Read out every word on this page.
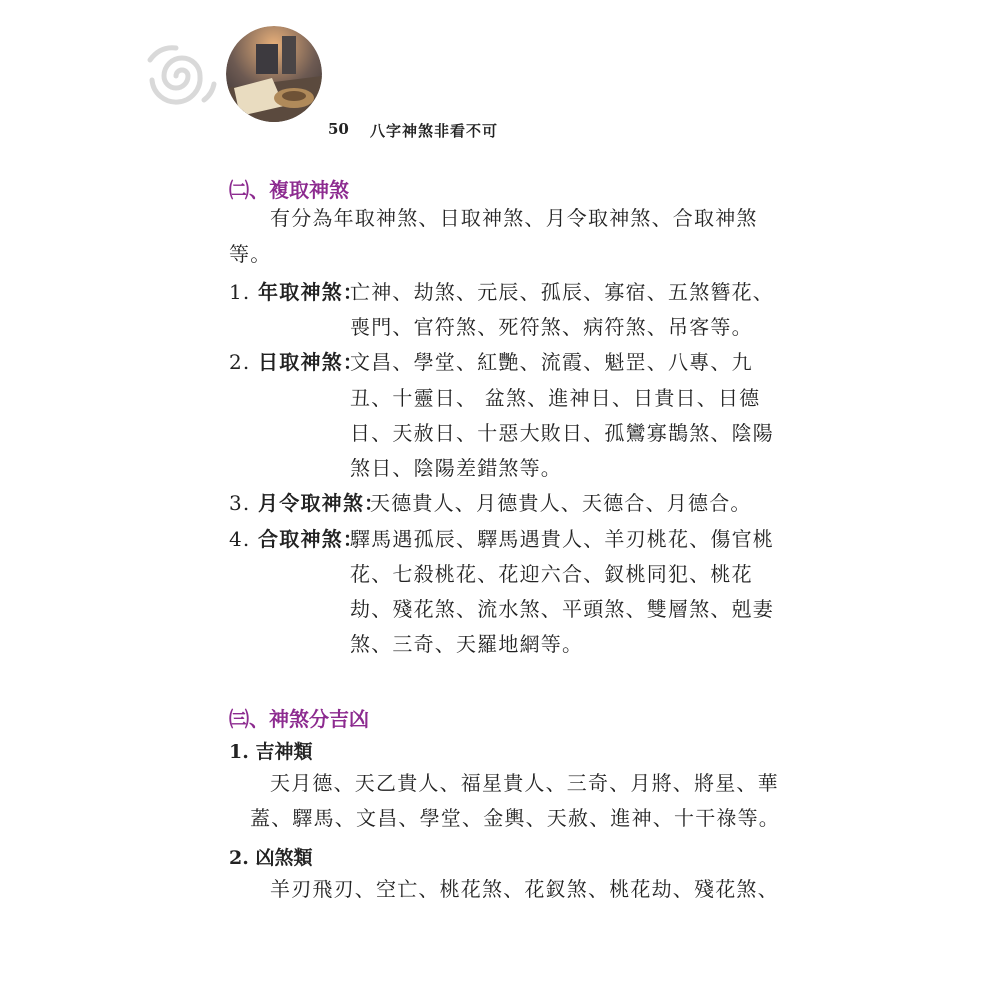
50 八字神煞非看不可
㈡、複取神煞
有分為年取神煞、日取神煞、月令取神煞、合取神煞
等。
1. 年取神煞：
亡神、劫煞、元辰、孤辰、寡宿、五煞簪花、
喪門、官符煞、死符煞、病符煞、吊客等。
2. 日取神煞：
文昌、學堂、紅艷、流霞、魁罡、八專、九
丑、十靈日、 盆煞、進神日、日貴日、日德
日、天赦日、十惡大敗日、孤鸞寡鵲煞、陰陽
煞日、陰陽差錯煞等。
3. 月令取神煞：
天德貴人、月德貴人、天德合、月德合。
4. 合取神煞：
驛馬遇孤辰、驛馬遇貴人、羊刃桃花、傷官桃
花、七殺桃花、花迎六合、釵桃同犯、桃花
劫、殘花煞、流水煞、平頭煞、雙層煞、剋妻
煞、三奇、天羅地網等。
㈢、神煞分吉凶
1. 吉神類
天月德、天乙貴人、福星貴人、三奇、月將、將星、華
蓋、驛馬、文昌、學堂、金輿、天赦、進神、十干祿等。
2. 凶煞類
羊刃飛刃、空亡、桃花煞、花釵煞、桃花劫、殘花煞、
